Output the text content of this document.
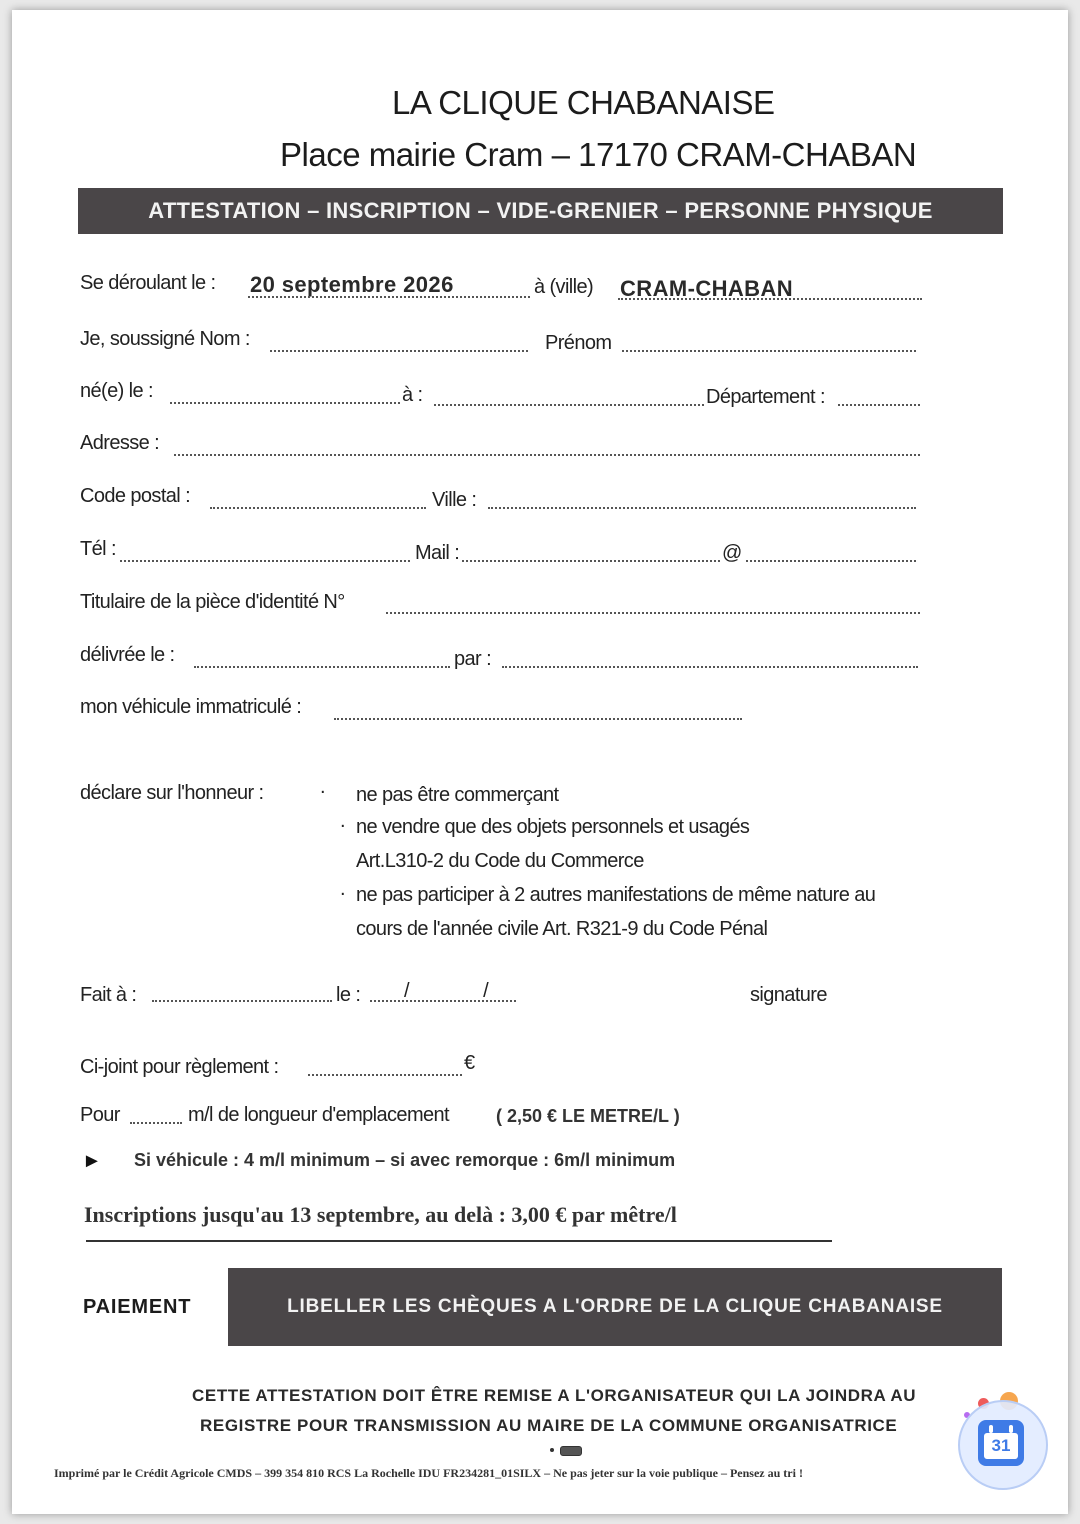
LA CLIQUE CHABANAISE
Place mairie Cram – 17170 CRAM-CHABAN
ATTESTATION – INSCRIPTION – VIDE-GRENIER – PERSONNE PHYSIQUE
Se déroulant le : 20 septembre 2026	à (ville) CRAM-CHABAN
Je, soussigné Nom :	Prénom
né(e) le :	à :	Département :
Adresse :
Code postal :	Ville :
Tél :	Mail :	@
Titulaire de la pièce d'identité N°
délivrée le :	par :
mon véhicule immatriculé :
déclare sur l'honneur :	. ne pas être commerçant
. ne vendre que des objets personnels et usagés
Art.L310-2 du Code du Commerce
. ne pas participer à 2 autres manifestations de même nature au
cours de l'année civile Art. R321-9 du Code Pénal
Fait à :	le : / /	signature
Ci-joint pour règlement :	€
Pour	m/l de longueur d'emplacement	( 2,50 € LE METRE/L )
► Si véhicule : 4 m/l minimum – si avec remorque : 6m/l minimum
Inscriptions jusqu'au 13 septembre, au delà : 3,00 € par mêtre/l
PAIEMENT	LIBELLER LES CHÈQUES A L'ORDRE DE LA CLIQUE CHABANAISE
CETTE ATTESTATION DOIT ÊTRE REMISE A L'ORGANISATEUR QUI LA JOINDRA AU
REGISTRE POUR TRANSMISSION AU MAIRE DE LA COMMUNE ORGANISATRICE
Imprimé par le Crédit Agricole CMDS – 399 354 810 RCS La Rochelle IDU FR234281_01SILX – Ne pas jeter sur la voie publique – Pensez au tri !
31
